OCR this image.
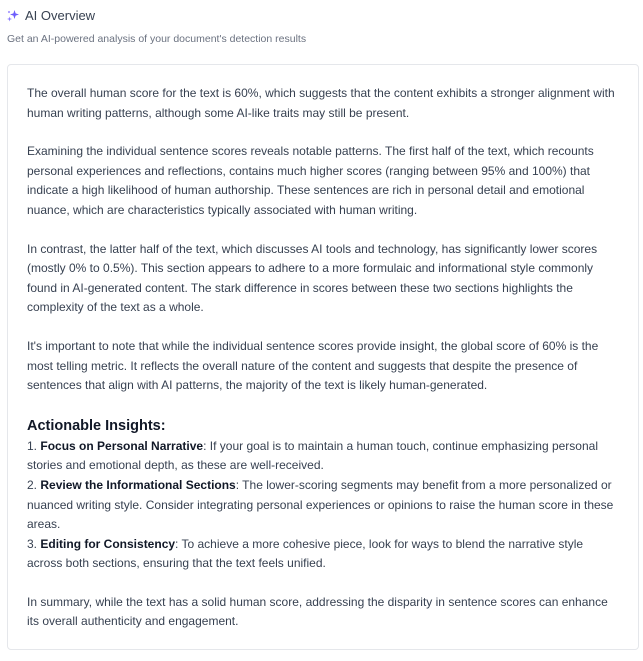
AI Overview
Get an AI-powered analysis of your document's detection results

The overall human score for the text is 60%, which suggests that the content exhibits a stronger alignment with human writing patterns, although some AI-like traits may still be present.

Examining the individual sentence scores reveals notable patterns. The first half of the text, which recounts personal experiences and reflections, contains much higher scores (ranging between 95% and 100%) that indicate a high likelihood of human authorship. These sentences are rich in personal detail and emotional nuance, which are characteristics typically associated with human writing.

In contrast, the latter half of the text, which discusses AI tools and technology, has significantly lower scores (mostly 0% to 0.5%). This section appears to adhere to a more formulaic and informational style commonly found in AI-generated content. The stark difference in scores between these two sections highlights the complexity of the text as a whole.

It's important to note that while the individual sentence scores provide insight, the global score of 60% is the most telling metric. It reflects the overall nature of the content and suggests that despite the presence of sentences that align with AI patterns, the majority of the text is likely human-generated.

Actionable Insights:
1. Focus on Personal Narrative: If your goal is to maintain a human touch, continue emphasizing personal stories and emotional depth, as these are well-received.
2. Review the Informational Sections: The lower-scoring segments may benefit from a more personalized or nuanced writing style. Consider integrating personal experiences or opinions to raise the human score in these areas.
3. Editing for Consistency: To achieve a more cohesive piece, look for ways to blend the narrative style across both sections, ensuring that the text feels unified.

In summary, while the text has a solid human score, addressing the disparity in sentence scores can enhance its overall authenticity and engagement.
